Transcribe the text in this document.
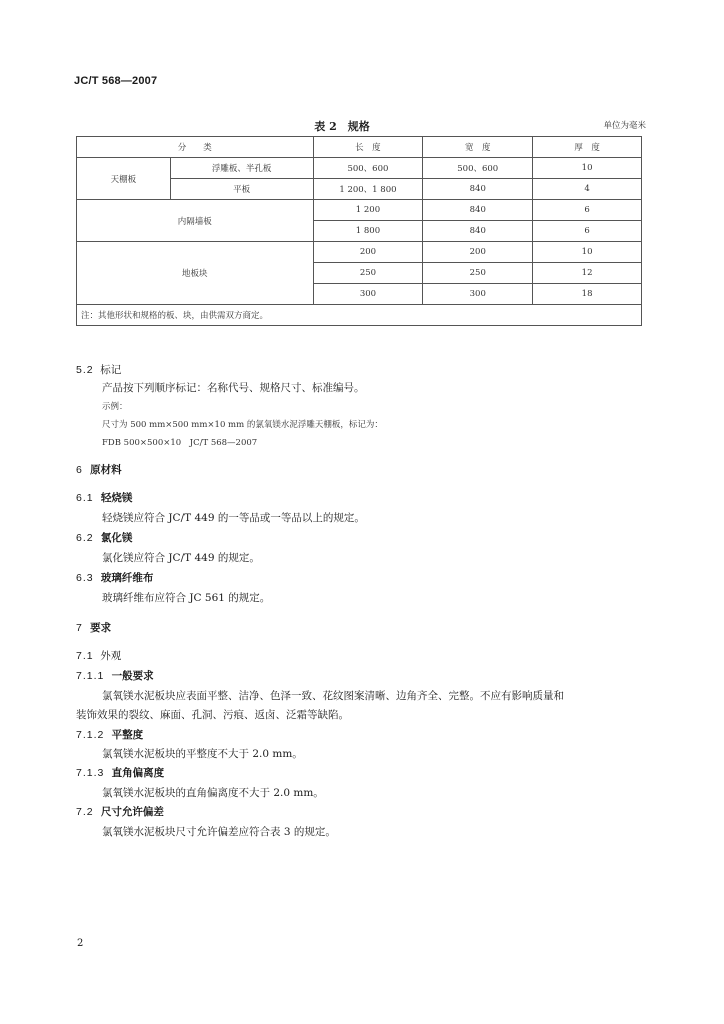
JC/T 568—2007
表 2　规格	单位为毫米
分　　类		长　度	宽　度	厚　度
天棚板	浮雕板、半孔板	500、600	500、600	10
	平板	1 200、1 800	840	4
内隔墙板		1 200	840	6
		1 800	840	6
地板块		200	200	10
		250	250	12
		300	300	18
注：其他形状和规格的板、块，由供需双方商定。				
5.2 标记
产品按下列顺序标记：名称代号、规格尺寸、标准编号。
示例：
尺寸为 500 mm×500 mm×10 mm 的氯氧镁水泥浮雕天棚板，标记为：
FDB 500×500×10　JC/T 568—2007
6 原材料
6.1 轻烧镁
轻烧镁应符合 JC/T 449 的一等品或一等品以上的规定。
6.2 氯化镁
氯化镁应符合 JC/T 449 的规定。
6.3 玻璃纤维布
玻璃纤维布应符合 JC 561 的规定。
7 要求
7.1 外观
7.1.1 一般要求
氯氧镁水泥板块应表面平整、洁净、色泽一致、花纹图案清晰、边角齐全、完整。不应有影响质量和
装饰效果的裂纹、麻面、孔洞、污痕、返卤、泛霜等缺陷。
7.1.2 平整度
氯氧镁水泥板块的平整度不大于 2.0 mm。
7.1.3 直角偏离度
氯氧镁水泥板块的直角偏离度不大于 2.0 mm。
7.2 尺寸允许偏差
氯氧镁水泥板块尺寸允许偏差应符合表 3 的规定。
2
